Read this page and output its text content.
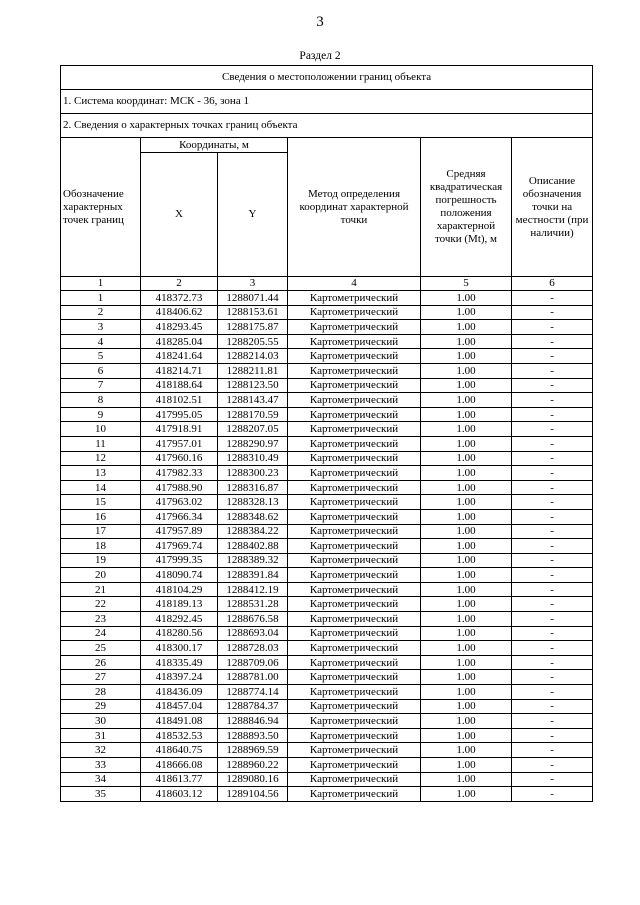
3
Раздел 2
Сведения о местоположении границ объекта					
1. Система координат: МСК - 36, зона 1					
2. Сведения о характерных точках границ объекта					
Обозначение характерных точек границ	Координаты, м		Метод определения координат характерной точки	Средняя квадратическая погрешность положения характерной точки (Mt), м	Описание обозначения точки на местности (при наличии)
	X	Y			
1	2	3	4	5	6
1	418372.73	1288071.44	Картометрический	1.00	-
2	418406.62	1288153.61	Картометрический	1.00	-
3	418293.45	1288175.87	Картометрический	1.00	-
4	418285.04	1288205.55	Картометрический	1.00	-
5	418241.64	1288214.03	Картометрический	1.00	-
6	418214.71	1288211.81	Картометрический	1.00	-
7	418188.64	1288123.50	Картометрический	1.00	-
8	418102.51	1288143.47	Картометрический	1.00	-
9	417995.05	1288170.59	Картометрический	1.00	-
10	417918.91	1288207.05	Картометрический	1.00	-
11	417957.01	1288290.97	Картометрический	1.00	-
12	417960.16	1288310.49	Картометрический	1.00	-
13	417982.33	1288300.23	Картометрический	1.00	-
14	417988.90	1288316.87	Картометрический	1.00	-
15	417963.02	1288328.13	Картометрический	1.00	-
16	417966.34	1288348.62	Картометрический	1.00	-
17	417957.89	1288384.22	Картометрический	1.00	-
18	417969.74	1288402.88	Картометрический	1.00	-
19	417999.35	1288389.32	Картометрический	1.00	-
20	418090.74	1288391.84	Картометрический	1.00	-
21	418104.29	1288412.19	Картометрический	1.00	-
22	418189.13	1288531.28	Картометрический	1.00	-
23	418292.45	1288676.58	Картометрический	1.00	-
24	418280.56	1288693.04	Картометрический	1.00	-
25	418300.17	1288728.03	Картометрический	1.00	-
26	418335.49	1288709.06	Картометрический	1.00	-
27	418397.24	1288781.00	Картометрический	1.00	-
28	418436.09	1288774.14	Картометрический	1.00	-
29	418457.04	1288784.37	Картометрический	1.00	-
30	418491.08	1288846.94	Картометрический	1.00	-
31	418532.53	1288893.50	Картометрический	1.00	-
32	418640.75	1288969.59	Картометрический	1.00	-
33	418666.08	1288960.22	Картометрический	1.00	-
34	418613.77	1289080.16	Картометрический	1.00	-
35	418603.12	1289104.56	Картометрический	1.00	-
